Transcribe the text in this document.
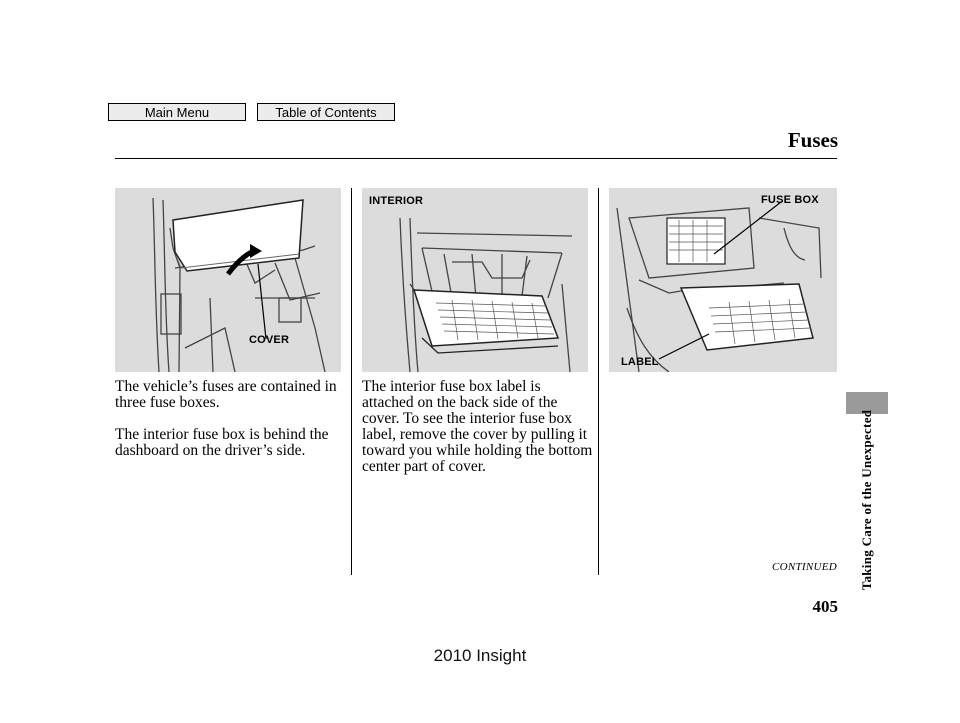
Main Menu	Table of Contents
Fuses
COVER
INTERIOR	FUSE BOX
LABEL

The vehicle’s fuses are contained in three fuse boxes.

The interior fuse box is behind the dashboard on the driver’s side.

The interior fuse box label is attached on the back side of the cover. To see the interior fuse box label, remove the cover by pulling it toward you while holding the bottom center part of cover.	Taking Care of the Unexpected
CONTINUED
405
2010 Insight
